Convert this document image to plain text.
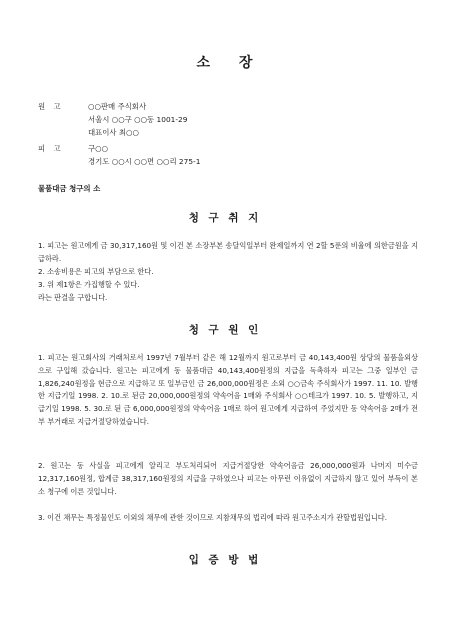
소 장
원 고	○○판매 주식회사
서울시 ○○구 ○○동 1001-29
대표이사 최○○
피 고	구○○
경기도 ○○시 ○○면 ○○리 275-1
물품대금 청구의 소
청 구 취 지
1. 피고는 원고에게 금 30,317,160원 및 이건 본 소장부본 송달익일부터 완제일까지 연 2할 5푼의 비율에 의한금원을 지급하라.
2. 소송비용은 피고의 부담으로 한다.
3. 위 제1항은 가집행할 수 있다.
라는 판결을 구합니다.
청 구 원 인
1. 피고는 원고회사의 거래처로서 1997년 7월부터 같은 해 12월까지 원고로부터 금 40,143,400원 상당의 물품을외상으로 구입해 갔습니다. 원고는 피고에게 동 물품대금 40,143,400원정의 지급을 독촉하자 피고는 그중 일부인 금 1,826,240원정을 현금으로 지급하고 또 일부금인 금 26,000,000원정은 소외 ○○금속 주식회사가 1997. 11. 10. 발행한 지급기일 1998. 2. 10.로 된금 20,000,000원정의 약속어음 1매와 주식회사 ○○테크가 1997. 10. 5. 발행하고, 지급기일 1998. 5. 30.로 된 금 6,000,000원정의 약속어음 1매로 하여 원고에게 지급하여 주었지만 동 약속어음 2매가 전부 부거래로 지급거절당하였습니다.
2. 원고는 동 사실을 피고에게 알리고 부도처리되어 지급거절당한 약속어음금 26,000,000원과 나머지 미수금 12,317,160원정, 합계금 38,317,160원정의 지급을 구하였으나 피고는 아무런 이유없이 지급하지 않고 있어 부득이 본소 청구에 이른 것입니다.
3. 이건 채무는 특정물인도 이외의 채무에 관한 것이므로 지참채무의 법리에 따라 원고주소지가 관할법원입니다.
입 증 방 법
